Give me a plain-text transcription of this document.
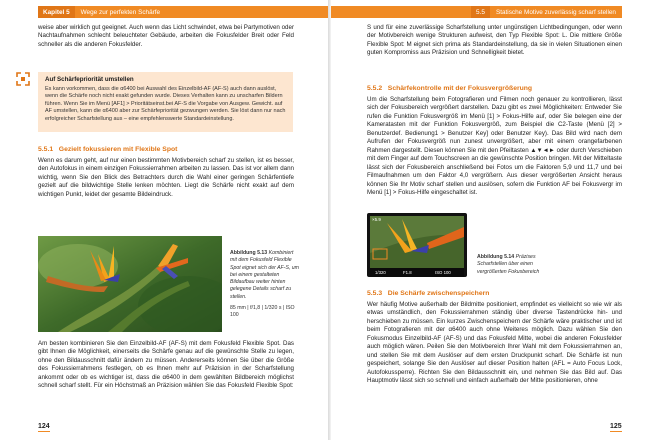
Kapitel 5	Wege zur perfekten Schärfe
weise aber wirklich gut geeignet. Auch wenn das Licht schwindet, etwa bei Partymotiven oder Nachtaufnahmen schlecht beleuchteter Gebäude, arbeiten die Fokusfelder Breit oder Feld schneller als die anderen Fokusfelder.
Auf Schärfepriorität umstellen
Es kann vorkommen, dass die α6400 bei Auswahl des Einzelbild-AF (AF-S) auch dann auslöst, wenn die Schärfe noch nicht exakt gefunden wurde. Dieses Verhalten kann zu unscharfen Bildern führen. Wenn Sie im Menü [AF1] > Prioritätseinst.bei AF-S die Vorgabe von Ausgew. Gewicht. auf AF umstellen, kann die α6400 aber zur Schärfepriorität gezwungen werden. Sie löst dann nur nach erfolgreicher Scharfstellung aus – eine empfehlenswerte Standardeinstellung.
5.5.1 Gezielt fokussieren mit Flexible Spot
Wenn es darum geht, auf nur einen bestimmten Motivbereich scharf zu stellen, ist es besser, den Autofokus in einem einzigen Fokussierrahmen arbeiten zu lassen. Das ist vor allem dann wichtig, wenn Sie den Blick des Betrachters durch die Wahl einer geringen Schärfentiefe gezielt auf die bildwichtige Stelle lenken möchten. Liegt die Schärfe nicht exakt auf dem wichtigen Punkt, leidet der gesamte Bildeindruck.
Abbildung 5.13 Kombiniert mit dem Fokusfeld Flexible Spot eignet sich der AF-S, um bei einem gestalteten Bildaufbau weiter hinten gelegene Details scharf zu stellen.
85 mm | f/1,8 | 1/320 s | ISO 100
Am besten kombinieren Sie den Einzelbild-AF (AF-S) mit dem Fokusfeld Flexible Spot. Das gibt Ihnen die Möglichkeit, einerseits die Schärfe genau auf die gewünschte Stelle zu legen, ohne den Bildausschnitt dafür ändern zu müssen. Andererseits können Sie über die Größe des Fokussierrahmens festlegen, ob es Ihnen mehr auf Präzision in der Scharfstellung ankommt oder ob es wichtiger ist, dass die α6400 in dem gewählten Bildbereich möglichst schnell scharf stellt. Für ein Höchstmaß an Präzision wählen Sie das Fokusfeld Flexible Spot:
124
5.5	Statische Motive zuverlässig scharf stellen
S und für eine zuverlässige Scharfstellung unter ungünstigen Lichtbedingungen, oder wenn der Motivbereich wenige Strukturen aufweist, den Typ Flexible Spot: L. Die mittlere Größe Flexible Spot: M eignet sich prima als Standardeinstellung, da sie in vielen Situationen einen guten Kompromiss aus Präzision und Schnelligkeit bietet.
5.5.2 Schärfekontrolle mit der Fokusvergrößerung
Um die Scharfstellung beim Fotografieren und Filmen noch genauer zu kontrollieren, lässt sich der Fokusbereich vergrößert darstellen. Dazu gibt es zwei Möglichkeiten: Entweder Sie rufen die Funktion Fokusvergröß im Menü [1] > Fokus-Hilfe auf, oder Sie belegen eine der Kameratasten mit der Funktion Fokusvergröß, zum Beispiel die C2-Taste (Menü [2] > Benutzerdef. Bedienung1 > Benutzer Key] oder Benutzer Key). Das Bild wird nach dem Aufrufen der Fokusvergröß nun zunest unvergrößert, aber mit einem orangefarbenen Rahmen dargestellt. Diesen können Sie mit den Pfeiltasten ▲▼◄► oder durch Verschieben mit dem Finger auf dem Touchscreen an die gewünschte Position bringen. Mit der Mitteltaste lässt sich der Fokusbereich anschließend bei Fotos um die Faktoren 5,9 und 11,7 und bei Filmaufnahmen um den Faktor 4,0 vergrößern. Aus dieser vergrößerten Ansicht heraus können Sie Ihr Motiv scharf stellen und auslösen, sofern die Funktion AF bei Fokusvergr im Menü [1] > Fokus-Hilfe eingeschaltet ist.
×5.9
1/320	F1.8	ISO 100
Abbildung 5.14 Präzises Scharfstellen über einen vergrößerten Fokusbereich
5.5.3 Die Schärfe zwischenspeichern
Wer häufig Motive außerhalb der Bildmitte positioniert, empfindet es vielleicht so wie wir als etwas umständlich, den Fokussierrahmen ständig über diverse Tastendrücke hin- und herschieben zu müssen. Ein kurzes Zwischenspeichern der Schärfe wäre praktischer und ist beim Fotografieren mit der α6400 auch ohne Weiteres möglich. Dazu wählen Sie den Fokusmodus Einzelbild-AF (AF-S) und das Fokusfeld Mitte, wobei die anderen Fokusfelder auch möglich wären. Peilen Sie den Motivbereich Ihrer Wahl mit dem Fokussierrahmen an, und stellen Sie mit dem Auslöser auf dem ersten Druckpunkt scharf. Die Schärfe ist nun gespeichert, solange Sie den Auslöser auf dieser Position halten (AFL = Auto Focus Lock, Autofokussperre). Richten Sie den Bildausschnitt ein, und nehmen Sie das Bild auf. Das Hauptmotiv lässt sich so schnell und einfach außerhalb der Mitte positionieren, ohne
125
